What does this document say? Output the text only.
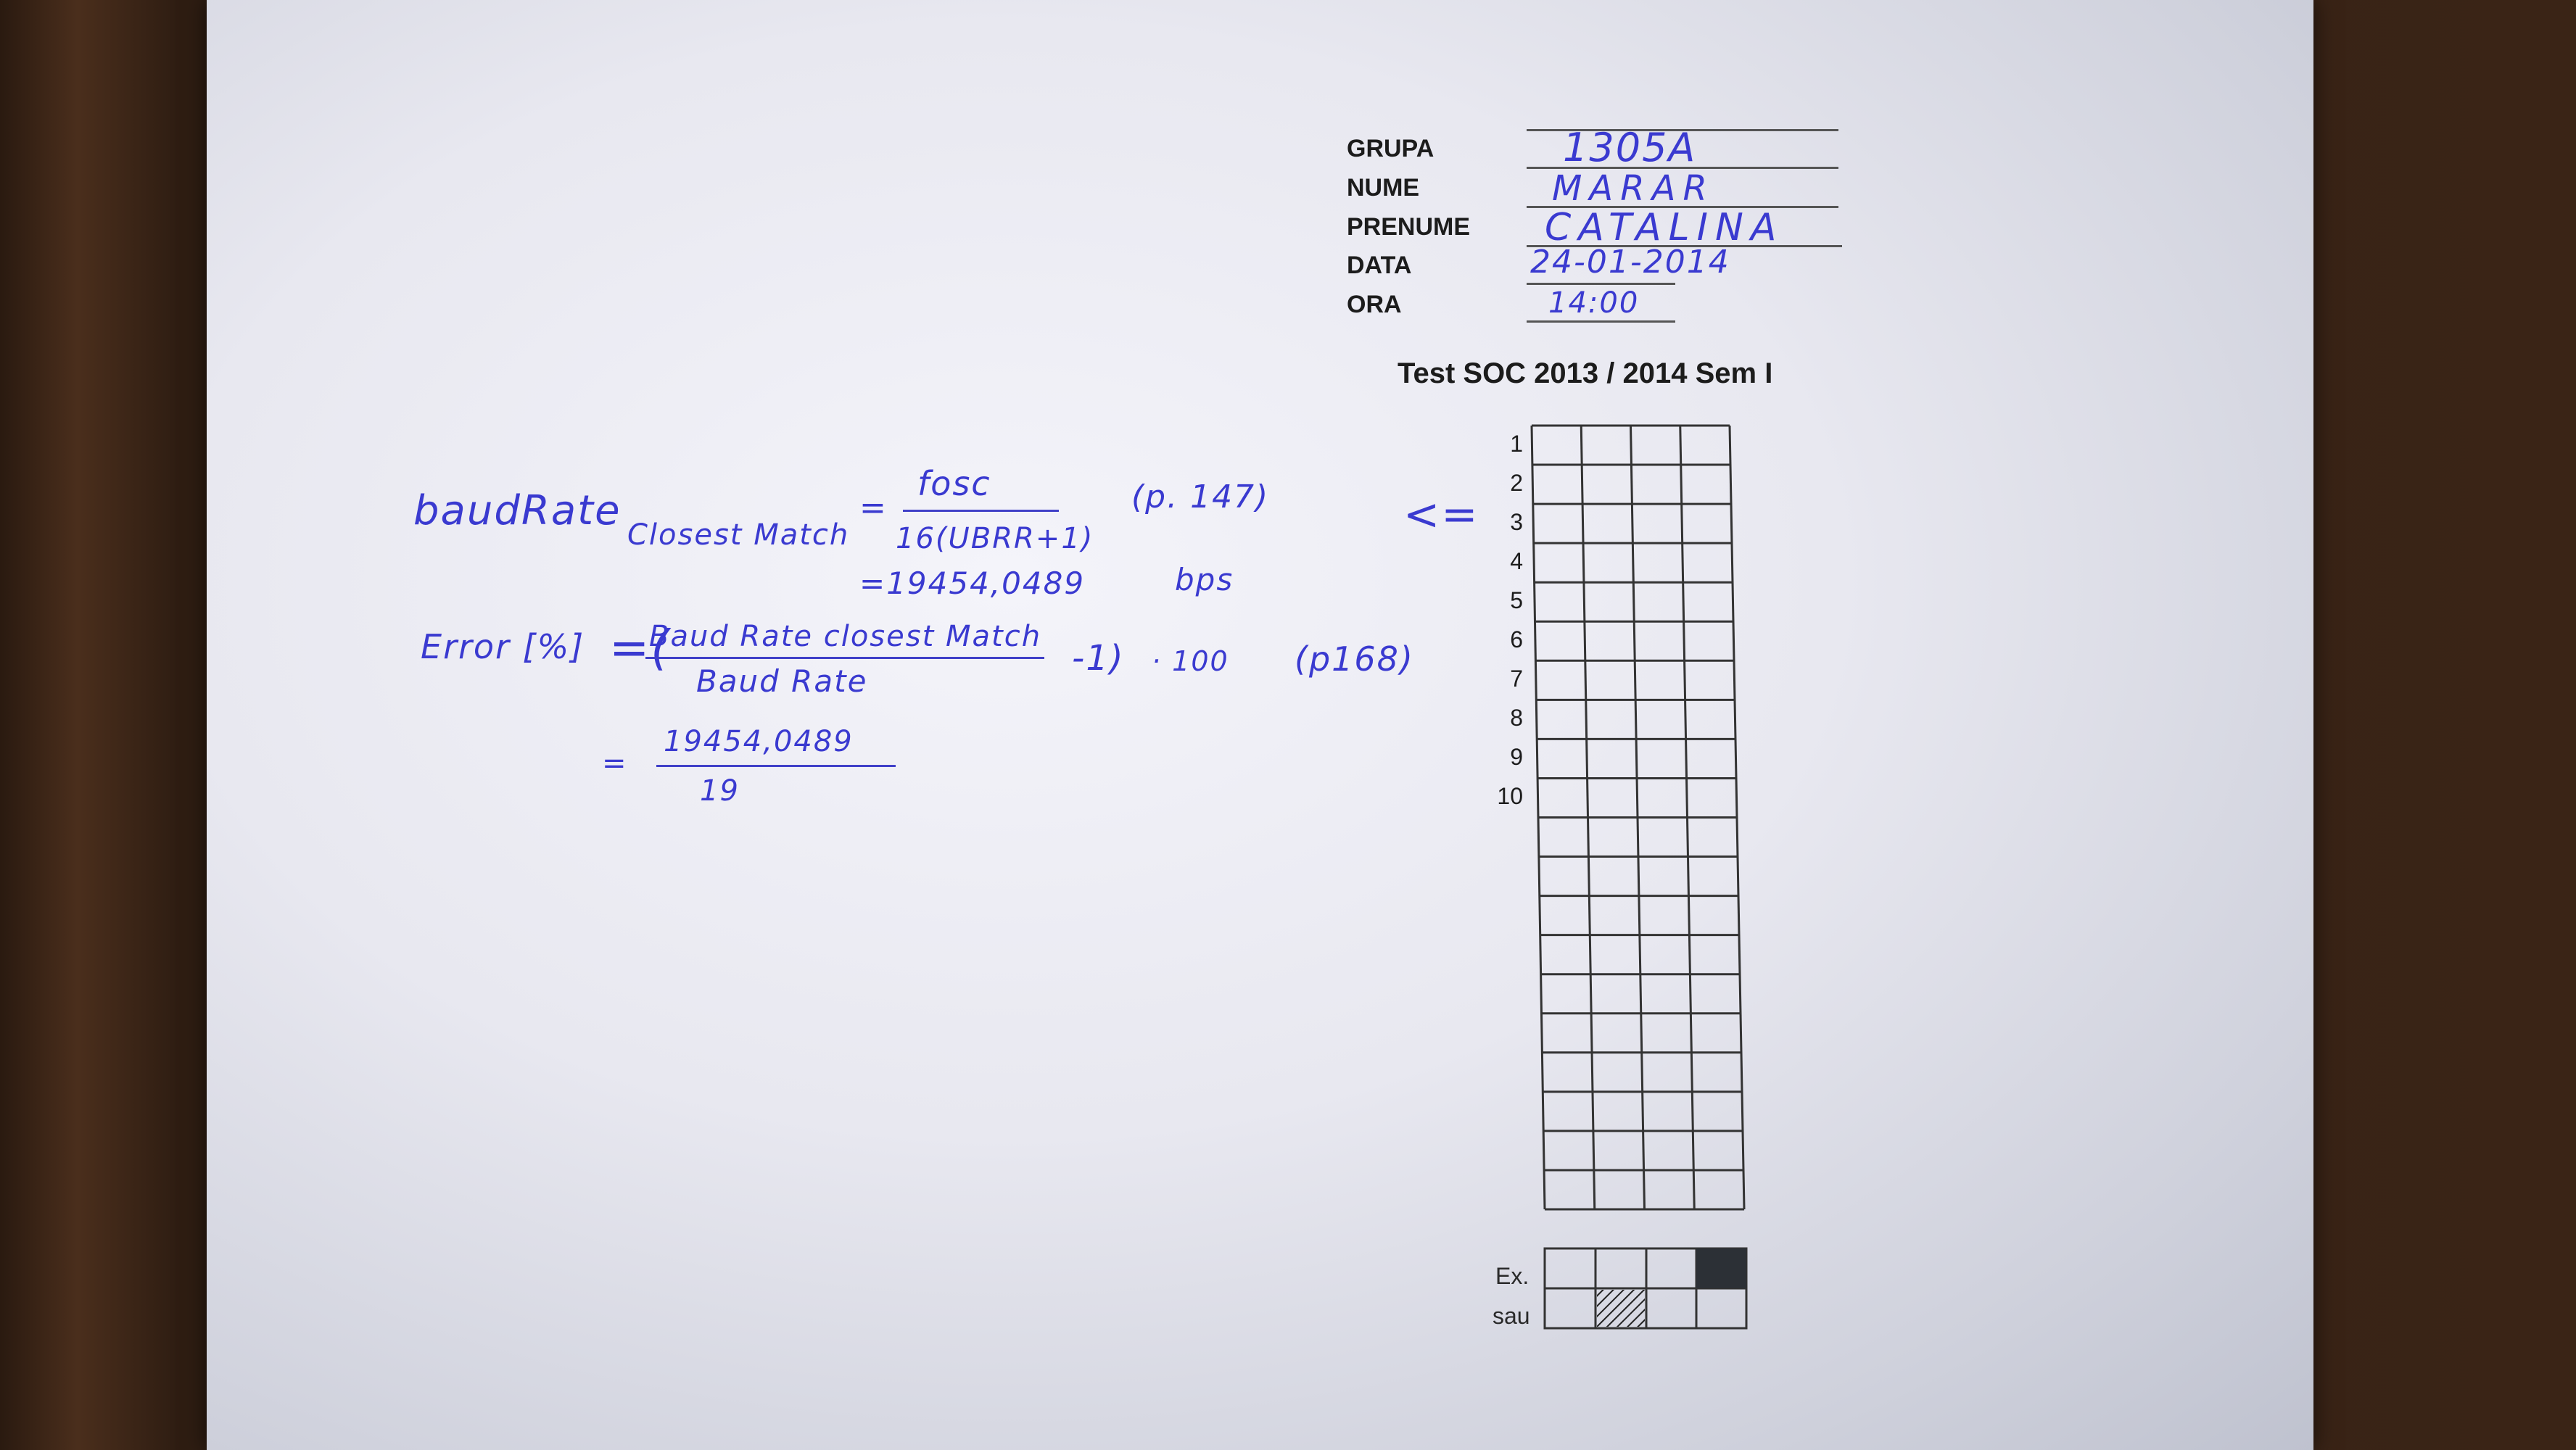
GRUPA
NUME
PRENUME
DATA
ORA
1305A
MARAR
CATALINA
24-01-2014
14:00
Test SOC 2013 / 2014 Sem I
1
2
3
4
5
6
7
8
9
10
Ex.
sau
baudRate
Closest Match
=
fosc
16(UBRR+1)
(p. 147)	<=
=19454,0489	bps
Error [%] =(
Baud Rate closest Match
Baud Rate
-1) · 100 (p168)
=
19454,0489
19
